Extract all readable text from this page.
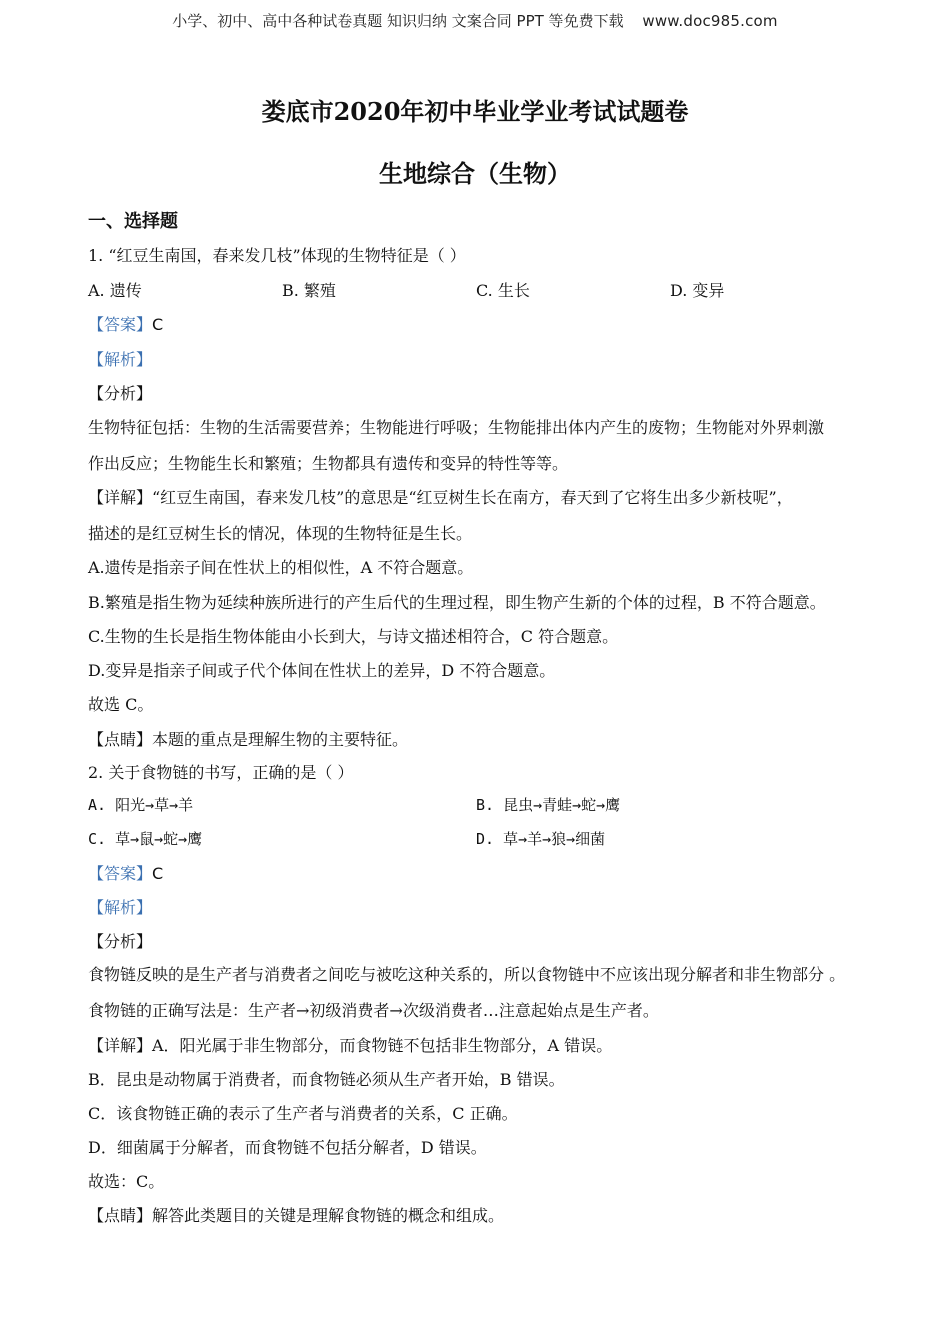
小学、初中、高中各种试卷真题 知识归纳 文案合同 PPT 等免费下载 www.doc985.com
娄底市2020年初中毕业学业考试试题卷
生地综合（生物）
一、选择题
1. “红豆生南国，春来发几枝”体现的生物特征是（ ）
A. 遗传	B. 繁殖	C. 生长	D. 变异
【答案】C
【解析】
【分析】
生物特征包括：生物的生活需要营养；生物能进行呼吸；生物能排出体内产生的废物；生物能对外界刺激
作出反应；生物能生长和繁殖；生物都具有遗传和变异的特性等等。
【详解】“红豆生南国，春来发几枝”的意思是“红豆树生长在南方，春天到了它将生出多少新枝呢”，
描述的是红豆树生长的情况，体现的生物特征是生长。
A.遗传是指亲子间在性状上的相似性，A 不符合题意。
B.繁殖是指生物为延续种族所进行的产生后代的生理过程，即生物产生新的个体的过程，B 不符合题意。
C.生物的生长是指生物体能由小长到大，与诗文描述相符合，C 符合题意。
D.变异是指亲子间或子代个体间在性状上的差异，D 不符合题意。
故选 C。
【点睛】本题的重点是理解生物的主要特征。
2. 关于食物链的书写，正确的是（ ）
A. 阳光→草→羊	B. 昆虫→青蛙→蛇→鹰
C. 草→鼠→蛇→鹰	D. 草→羊→狼→细菌
【答案】C
【解析】
【分析】
食物链反映的是生产者与消费者之间吃与被吃这种关系的，所以食物链中不应该出现分解者和非生物部分 。
食物链的正确写法是：生产者→初级消费者→次级消费者…注意起始点是生产者。
【详解】A．阳光属于非生物部分，而食物链不包括非生物部分，A 错误。
B．昆虫是动物属于消费者，而食物链必须从生产者开始，B 错误。
C．该食物链正确的表示了生产者与消费者的关系，C 正确。
D．细菌属于分解者，而食物链不包括分解者，D 错误。
故选：C。
【点睛】解答此类题目的关键是理解食物链的概念和组成。
